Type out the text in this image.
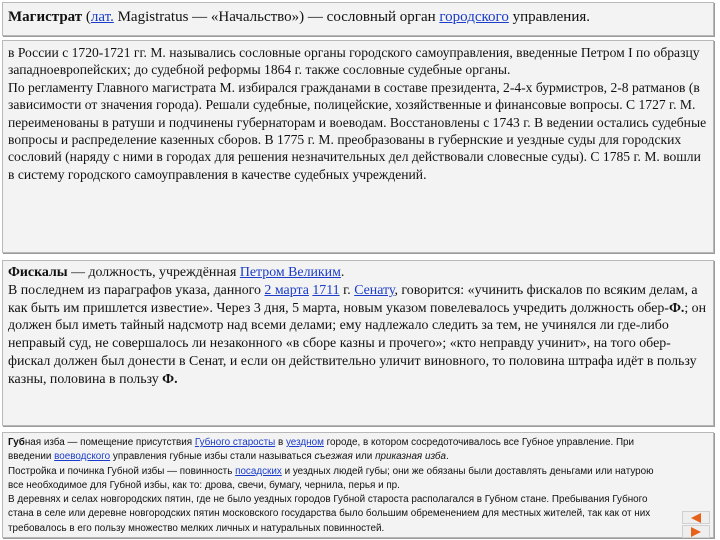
Магистрат (лат. Magistratus — «Начальство») — сословный орган городского управления.

в России с 1720-1721 гг. М. назывались сословные органы городского самоуправления, введенные Петром I по образцу западноевропейских; до судебной реформы 1864 г. также сословные судебные органы.

По регламенту Главного магистрата М. избирался гражданами в составе президента, 2-4-х бурмистров, 2-8 ратманов (в зависимости от значения города). Решали судебные, полицейские, хозяйственные и финансовые вопросы. С 1727 г. М. переименованы в ратуши и подчинены губернаторам и воеводам. Восстановлены с 1743 г. В ведении остались судебные вопросы и распределение казенных сборов. В 1775 г. М. преобразованы в губернские и уездные суды для городских сословий (наряду с ними в городах для решения незначительных дел действовали словесные суды). С 1785 г. М. вошли в систему городского самоуправления в качестве судебных учреждений.

Фискалы — должность, учреждённая Петром Великим.

В последнем из параграфов указа, данного 2 марта 1711 г. Сенату, говорится: «учинить фискалов по всяким делам, а как быть им пришлется известие». Через 3 дня, 5 марта, новым указом повелевалось учредить должность обер-Ф.; он должен был иметь тайный надсмотр над всеми делами; ему надлежало следить за тем, не учинялся ли где-либо неправый суд, не совершалось ли незаконного «в сборе казны и прочего»; «кто неправду учинит», на того обер-фискал должен был донести в Сенат, и если он действительно уличит виновного, то половина штрафа идёт в пользу казны, половина в пользу Ф.

Губная изба — помещение присутствия Губного старосты в уездном городе, в котором сосредоточивалось все Губное управление. При введении воеводского управления губные избы стали называться съезжая или приказная изба.

Постройка и починка Губной избы — повинность посадских и уездных людей губы; они же обязаны были доставлять деньгами или натурою все необходимое для Губной избы, как то: дрова, свечи, бумагу, чернила, перья и пр.

В деревнях и селах новгородских пятин, где не было уездных городов Губной староста располагался в Губном стане. Пребывания Губного стана в селе или деревне новгородских пятин московского государства было большим обременением для местных жителей, так как от них требовалось в его пользу множество мелких личных и натуральных повинностей.
